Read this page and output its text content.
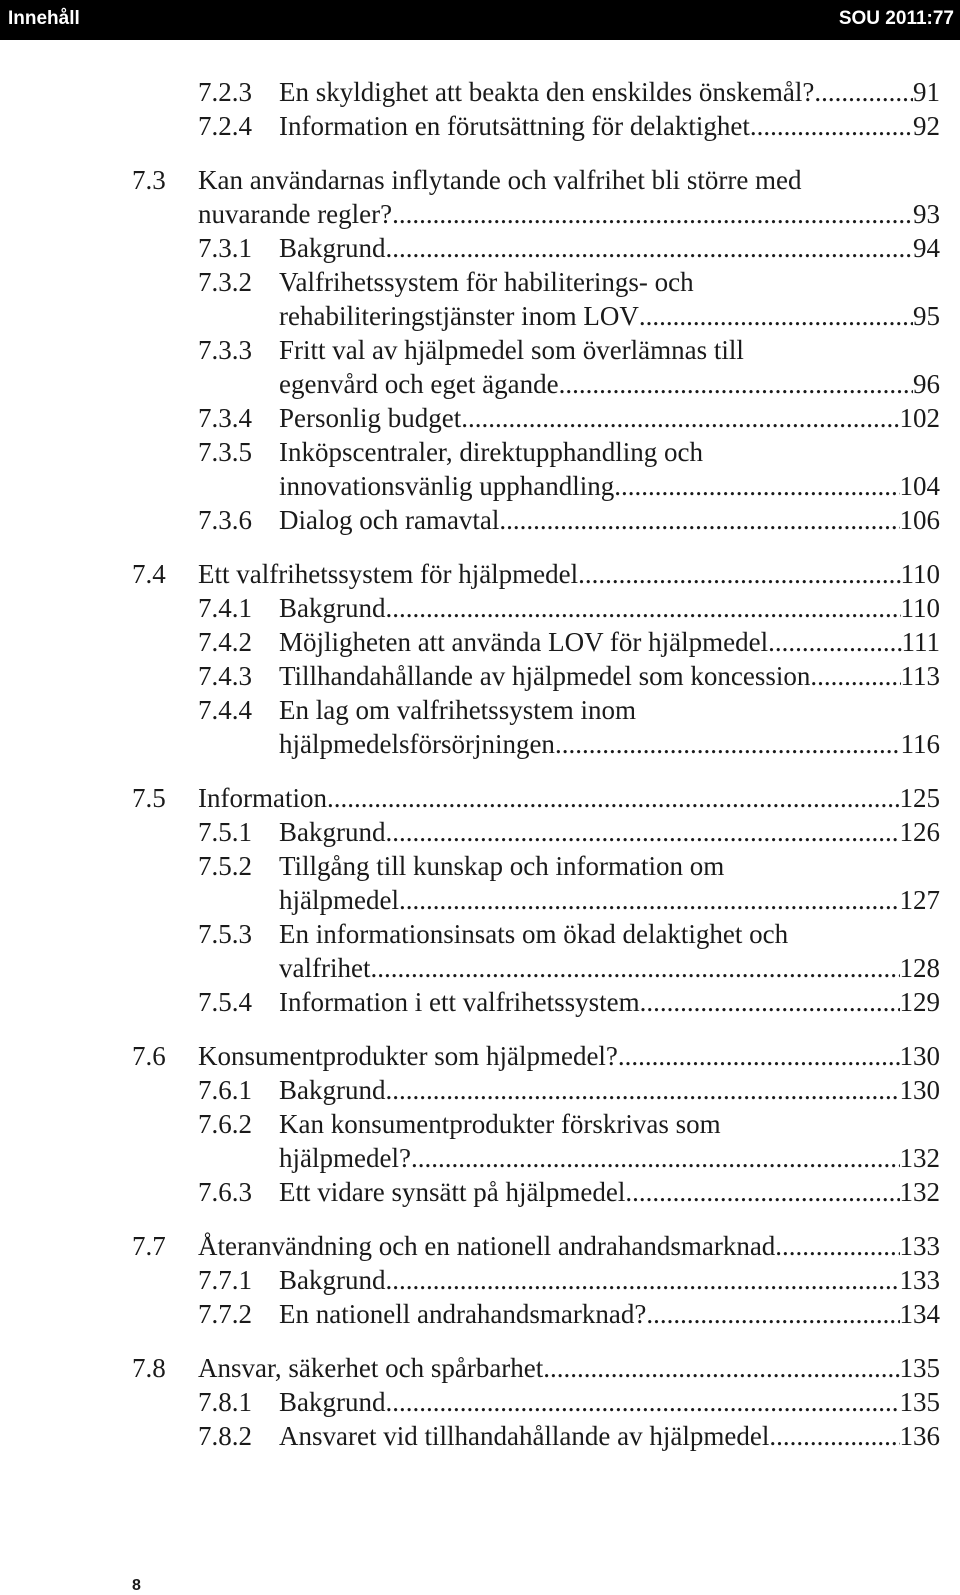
Innehåll	SOU 2011:77
7.2.3 En skyldighet att beakta den enskildes önskemål? .....	91
7.2.4 Information en förutsättning för delaktighet .....	92
7.3 Kan användarnas inflytande och valfrihet bli större med
nuvarande regler? .....	93
7.3.1 Bakgrund .....	94
7.3.2 Valfrihetssystem för habiliterings- och
rehabiliteringstjänster inom LOV .....	95
7.3.3 Fritt val av hjälpmedel som överlämnas till
egenvård och eget ägande .....	96
7.3.4 Personlig budget .....	102
7.3.5 Inköpscentraler, direktupphandling och
innovationsvänlig upphandling .....	104
7.3.6 Dialog och ramavtal .....	106
7.4 Ett valfrihetssystem för hjälpmedel .....	110
7.4.1 Bakgrund .....	110
7.4.2 Möjligheten att använda LOV för hjälpmedel .....	111
7.4.3 Tillhandahållande av hjälpmedel som koncession .....	113
7.4.4 En lag om valfrihetssystem inom
hjälpmedelsförsörjningen .....	116
7.5 Information .....	125
7.5.1 Bakgrund .....	126
7.5.2 Tillgång till kunskap och information om
hjälpmedel .....	127
7.5.3 En informationsinsats om ökad delaktighet och
valfrihet .....	128
7.5.4 Information i ett valfrihetssystem .....	129
7.6 Konsumentprodukter som hjälpmedel? .....	130
7.6.1 Bakgrund .....	130
7.6.2 Kan konsumentprodukter förskrivas som
hjälpmedel? .....	132
7.6.3 Ett vidare synsätt på hjälpmedel .....	132
7.7 Återanvändning och en nationell andrahandsmarknad .....	133
7.7.1 Bakgrund .....	133
7.7.2 En nationell andrahandsmarknad? .....	134
7.8 Ansvar, säkerhet och spårbarhet .....	135
7.8.1 Bakgrund .....	135
7.8.2 Ansvaret vid tillhandahållande av hjälpmedel .....	136
8
